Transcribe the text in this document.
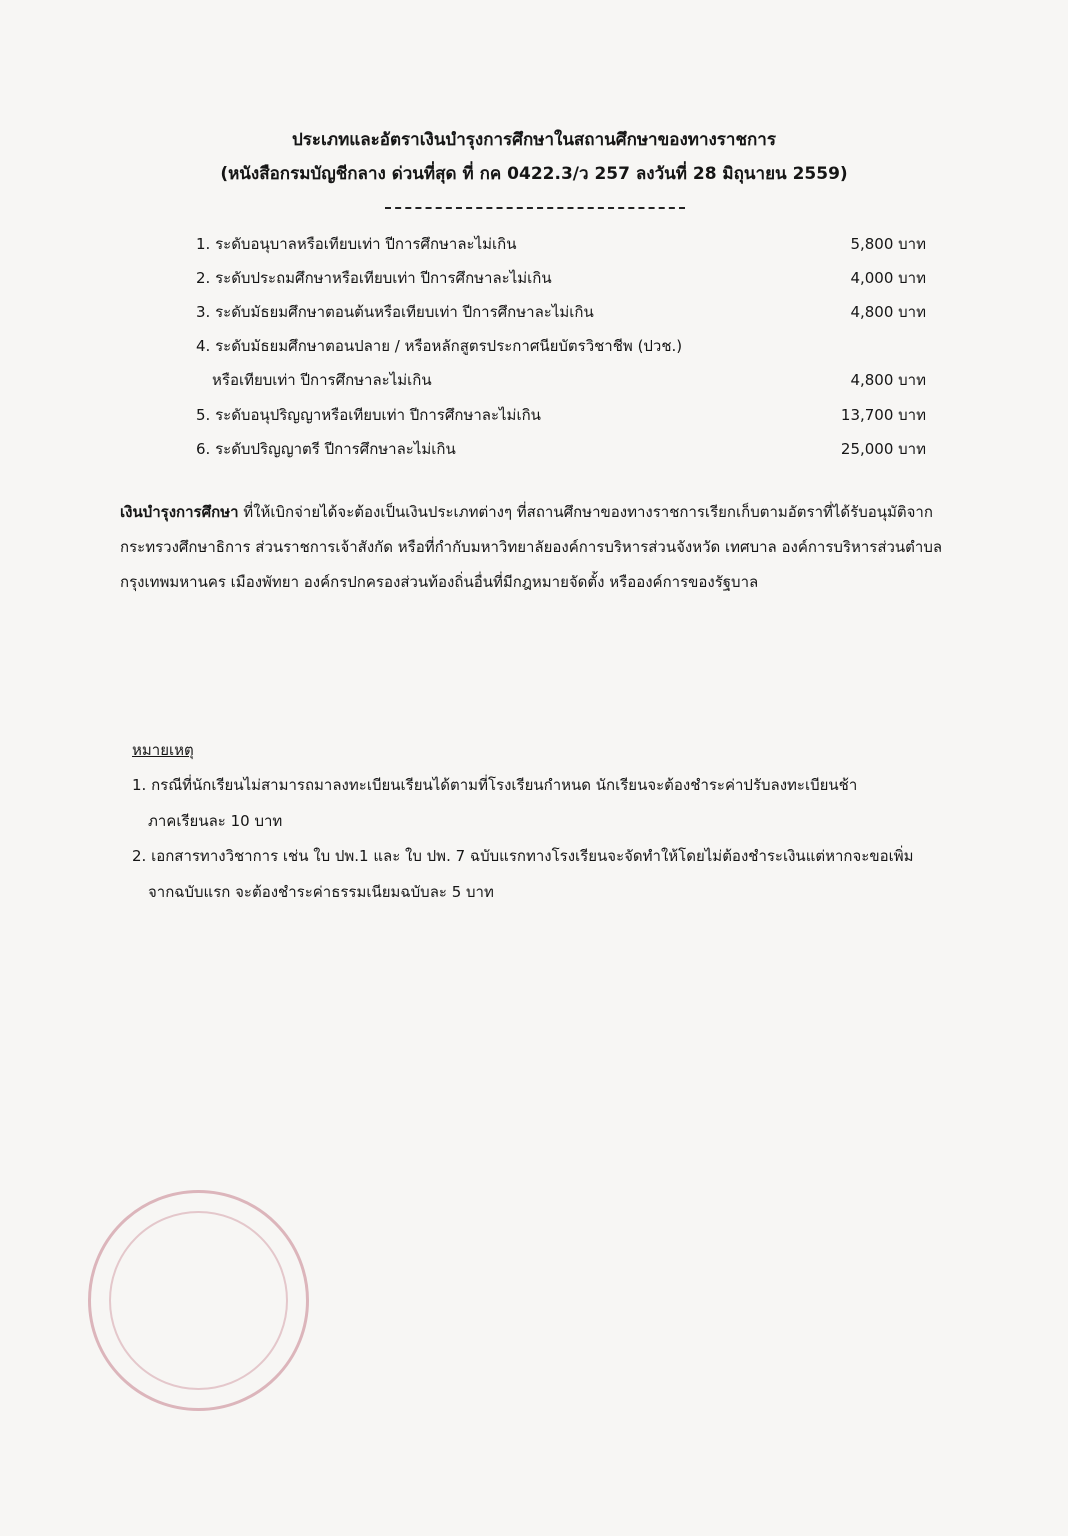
ประเภทและอัตราเงินบำรุงการศึกษาในสถานศึกษาของทางราชการ
(หนังสือกรมบัญชีกลาง ด่วนที่สุด ที่ กค 0422.3/ว 257 ลงวันที่ 28 มิถุนายน 2559)
1. ระดับอนุบาลหรือเทียบเท่า ปีการศึกษาละไม่เกิน	5,800 บาท
2. ระดับประถมศึกษาหรือเทียบเท่า ปีการศึกษาละไม่เกิน	4,000 บาท
3. ระดับมัธยมศึกษาตอนต้นหรือเทียบเท่า ปีการศึกษาละไม่เกิน	4,800 บาท
4. ระดับมัธยมศึกษาตอนปลาย / หรือหลักสูตรประกาศนียบัตรวิชาชีพ (ปวช.)
หรือเทียบเท่า ปีการศึกษาละไม่เกิน	4,800 บาท
5. ระดับอนุปริญญาหรือเทียบเท่า ปีการศึกษาละไม่เกิน	13,700 บาท
6. ระดับปริญญาตรี ปีการศึกษาละไม่เกิน	25,000 บาท
เงินบำรุงการศึกษา ที่ให้เบิกจ่ายได้จะต้องเป็นเงินประเภทต่างๆ ที่สถานศึกษาของทางราชการเรียกเก็บตามอัตราที่ได้รับอนุมัติจากกระทรวงศึกษาธิการ ส่วนราชการเจ้าสังกัด หรือที่กำกับมหาวิทยาลัยองค์การบริหารส่วนจังหวัด เทศบาล องค์การบริหารส่วนตำบล กรุงเทพมหานคร เมืองพัทยา องค์กรปกครองส่วนท้องถิ่นอื่นที่มีกฎหมายจัดตั้ง หรือองค์การของรัฐบาล
หมายเหตุ
1. กรณีที่นักเรียนไม่สามารถมาลงทะเบียนเรียนได้ตามที่โรงเรียนกำหนด นักเรียนจะต้องชำระค่าปรับลงทะเบียนช้า
ภาคเรียนละ 10 บาท
2. เอกสารทางวิชาการ เช่น ใบ ปพ.1 และ ใบ ปพ. 7 ฉบับแรกทางโรงเรียนจะจัดทำให้โดยไม่ต้องชำระเงินแต่หากจะขอเพิ่ม
จากฉบับแรก จะต้องชำระค่าธรรมเนียมฉบับละ 5 บาท
